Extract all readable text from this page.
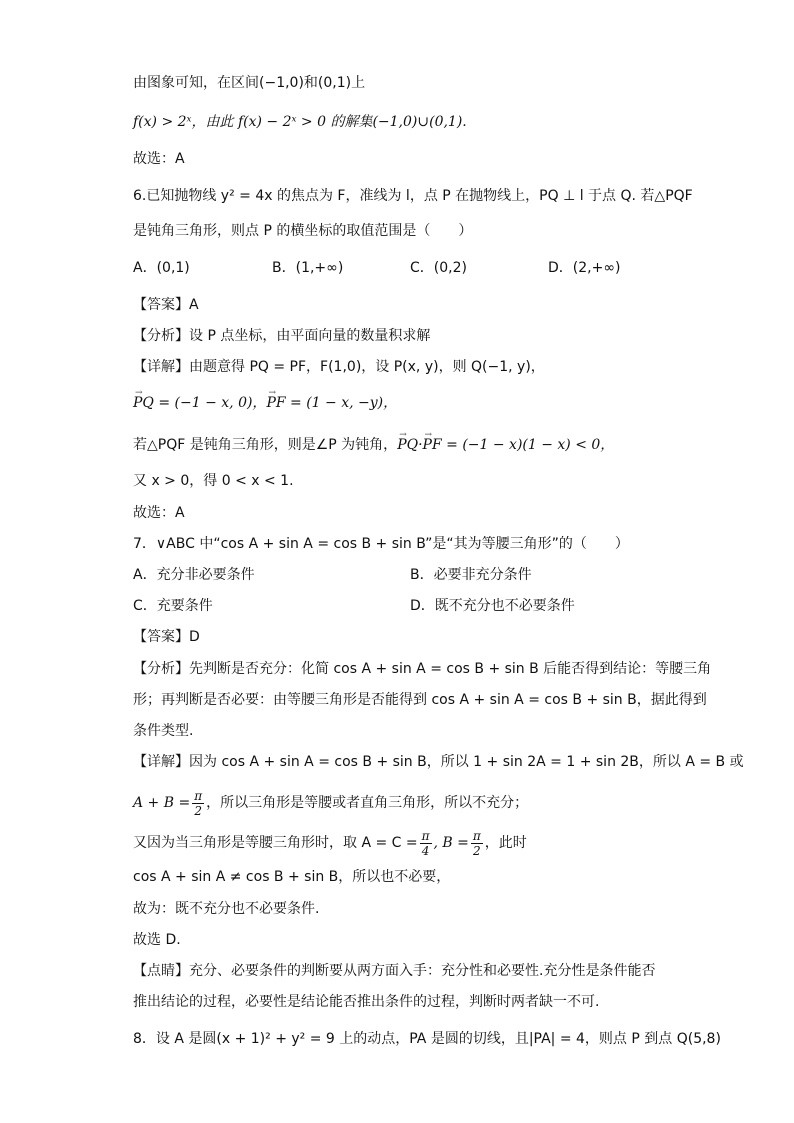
由图象可知，在区间(−1,0)和(0,1)上
f(x) > 2ˣ，由此 f(x) − 2ˣ > 0 的解集(−1,0)∪(0,1).
故选：A
6.已知抛物线 y² = 4x 的焦点为 F，准线为 l，点 P 在抛物线上，PQ ⊥ l 于点 Q. 若△PQF
是钝角三角形，则点 P 的横坐标的取值范围是（　　）
A．(0,1)	B．(1,+∞)	C．(0,2)	D．(2,+∞)
【答案】A
【分析】设 P 点坐标，由平面向量的数量积求解
【详解】由题意得 PQ = PF，F(1,0)，设 P(x, y)，则 Q(−1, y)，
→ PQ = (−1 − x, 0)，→ PF = (1 − x, −y)，
若△PQF 是钝角三角形，则是∠P 为钝角，→ PQ·→ PF = (−1 − x)(1 − x) < 0，
又 x > 0，得 0 < x < 1.
故选：A
7．∨ABC 中“cos A + sin A = cos B + sin B”是“其为等腰三角形”的（　　）
A．充分非必要条件	B．必要非充分条件
C．充要条件	D．既不充分也不必要条件
【答案】D
【分析】先判断是否充分：化简 cos A + sin A = cos B + sin B 后能否得到结论：等腰三角
形；再判断是否必要：由等腰三角形是否能得到 cos A + sin A = cos B + sin B，据此得到
条件类型.
【详解】因为 cos A + sin A = cos B + sin B，所以 1 + sin 2A = 1 + sin 2B，所以 A = B 或
$A + B = \frac{\pi}{2}$ ，所以三角形是等腰或者直角三角形，所以不充分；
又因为当三角形是等腰三角形时，取 $A = C = \frac{\pi}{4}$ , $B = \frac{\pi}{2}$ ，此时
cos A + sin A ≠ cos B + sin B，所以也不必要，
故为：既不充分也不必要条件.
故选 D.
【点睛】充分、必要条件的判断要从两方面入手：充分性和必要性.充分性是条件能否
推出结论的过程，必要性是结论能否推出条件的过程，判断时两者缺一不可.
8．设 A 是圆(x + 1)² + y² = 9 上的动点，PA 是圆的切线，且|PA| = 4，则点 P 到点 Q(5,8)
